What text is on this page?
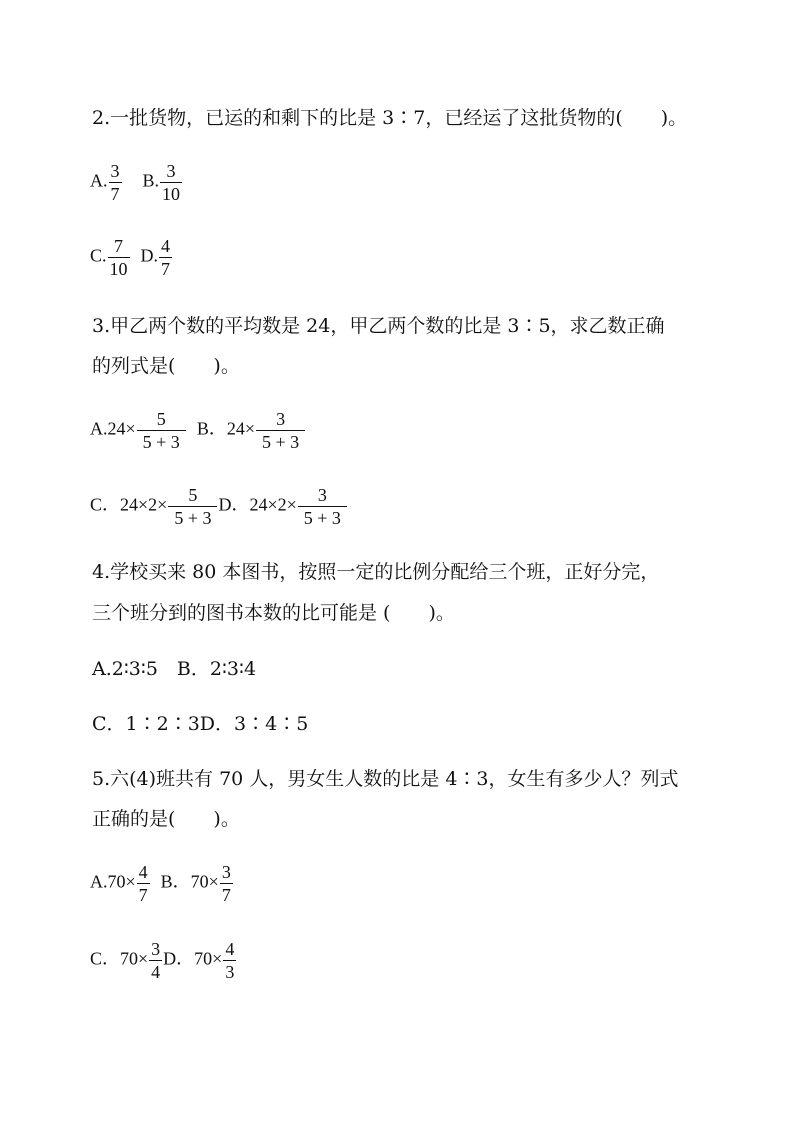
2.一批货物，已运的和剩下的比是 3∶7，已经运了这批货物的(　　)。
A. $\frac{3}{7} B$. $\frac{3}{10}$
C. $\frac{7}{10} D$. $\frac{4}{7}$
3.甲乙两个数的平均数是 24，甲乙两个数的比是 3∶5，求乙数正确
的列式是(　　)。
$A.24\times \frac{5}{5 + 3}$ B．$24\times \frac{3}{5 + 3}$
C．$24\times 2\times \frac{5}{5 + 3}$ D．$24\times 2\times \frac{3}{5 + 3}$
4.学校买来 80 本图书，按照一定的比例分配给三个班，正好分完，
三个班分到的图书本数的比可能是 (　　)。
A.2∶3∶5　B．2∶3∶4
C．1∶2∶3D．3∶4∶5
5.六(4)班共有 70 人，男女生人数的比是 4∶3，女生有多少人？列式
正确的是(　　)。
$A.70\times \frac{4}{7}$ B．$70\times \frac{3}{7}$
C．$70\times \frac{3}{4}$ D．$70\times \frac{4}{3}$
